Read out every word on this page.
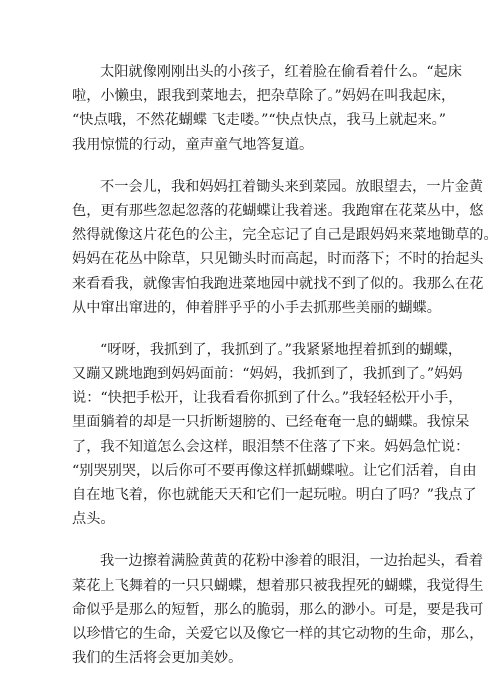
太阳就像刚刚出头的小孩子，红着脸在偷看着什么。“起床
啦，小懒虫，跟我到菜地去，把杂草除了。”妈妈在叫我起床，
“快点哦，不然花蝴蝶 飞走喽。”“快点快点，我马上就起来。”
我用惊慌的行动，童声童气地答复道。
不一会儿，我和妈妈扛着锄头来到菜园。放眼望去，一片金黄
色，更有那些忽起忽落的花蝴蝶让我着迷。我跑窜在花菜丛中，悠
然得就像这片花色的公主，完全忘记了自己是跟妈妈来菜地锄草的。
妈妈在花丛中除草，只见锄头时而高起，时而落下；不时的抬起头
来看看我，就像害怕我跑进菜地园中就找不到了似的。我那么在花
从中窜出窜进的，伸着胖乎乎的小手去抓那些美丽的蝴蝶。
“呀呀，我抓到了，我抓到了。”我紧紧地捏着抓到的蝴蝶，
又蹦又跳地跑到妈妈面前：“妈妈，我抓到了，我抓到了。”妈妈
说：“快把手松开，让我看看你抓到了什么。”我轻轻松开小手，
里面躺着的却是一只折断翅膀的、已经奄奄一息的蝴蝶。我惊呆
了，我不知道怎么会这样，眼泪禁不住落了下来。妈妈急忙说：
“别哭别哭，以后你可不要再像这样抓蝴蝶啦。让它们活着，自由
自在地飞着，你也就能天天和它们一起玩啦。明白了吗？”我点了
点头。
我一边擦着满脸黄黄的花粉中渗着的眼泪，一边抬起头，看着
菜花上飞舞着的一只只蝴蝶，想着那只被我捏死的蝴蝶，我觉得生
命似乎是那么的短暂，那么的脆弱，那么的渺小。可是，要是我可
以珍惜它的生命，关爱它以及像它一样的其它动物的生命，那么，
我们的生活将会更加美妙。
